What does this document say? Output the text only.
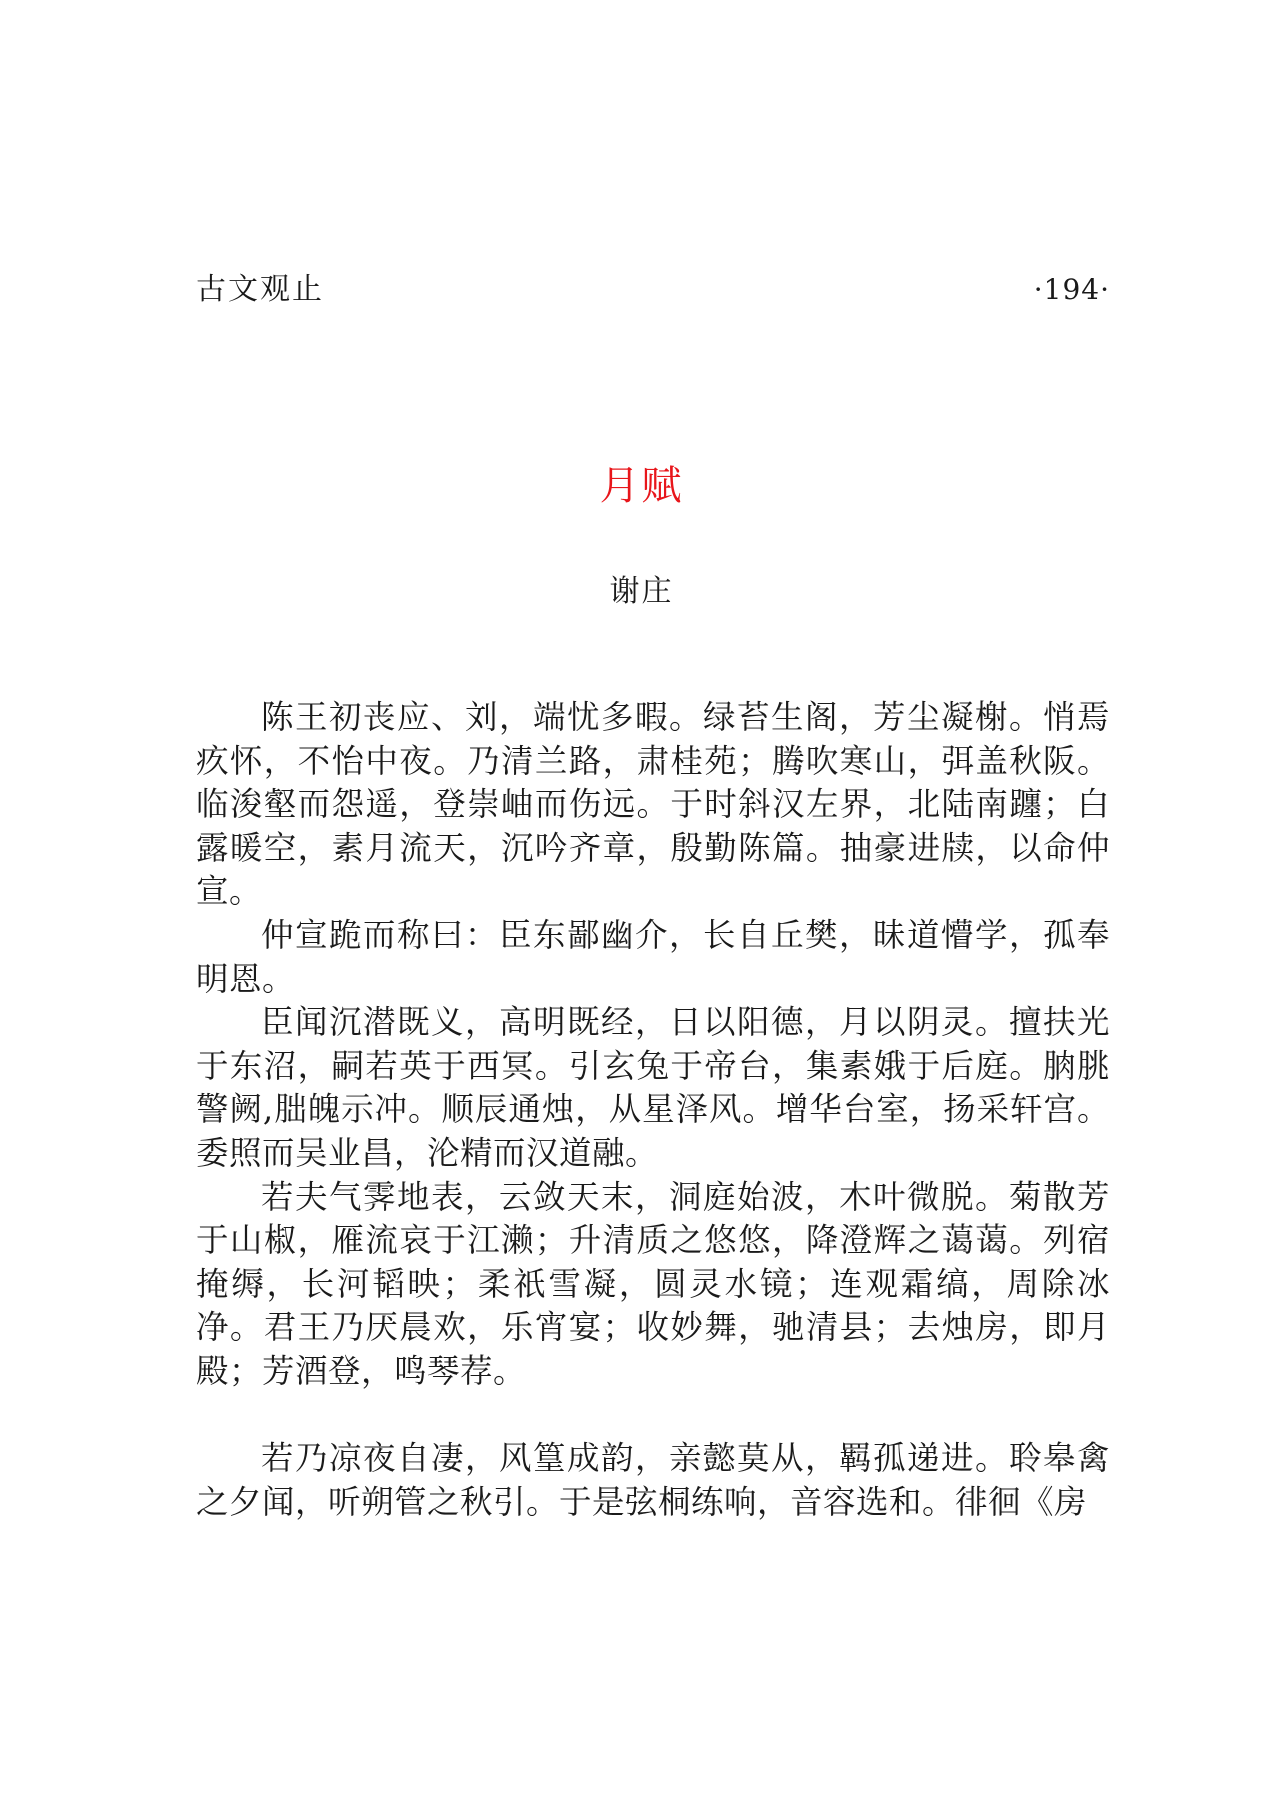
古文观止	·194·
月赋
谢庄

陈王初丧应、刘，端忧多暇。绿苔生阁，芳尘凝榭。悄焉疚怀，不怡中夜。乃清兰路，肃桂苑；腾吹寒山，弭盖秋阪。临浚壑而怨遥，登崇岫而伤远。于时斜汉左界，北陆南躔；白露暖空，素月流天，沉吟齐章，殷勤陈篇。抽豪进牍，以命仲宣。

仲宣跪而称曰：臣东鄙幽介，长自丘樊，昧道懵学，孤奉明恩。

臣闻沉潜既义，高明既经，日以阳德，月以阴灵。擅扶光于东沼，嗣若英于西冥。引玄兔于帝台，集素娥于后庭。朒朓警阙,朏魄示冲。顺辰通烛，从星泽风。增华台室，扬采轩宫。委照而吴业昌，沦精而汉道融。

若夫气霁地表，云敛天末，洞庭始波，木叶微脱。菊散芳于山椒，雁流哀于江濑；升清质之悠悠，降澄辉之蔼蔼。列宿掩缛，长河韬映；柔祇雪凝，圆灵水镜；连观霜缟，周除冰净。君王乃厌晨欢，乐宵宴；收妙舞，驰清县；去烛房，即月殿；芳酒登，鸣琴荐。

若乃凉夜自凄，风篁成韵，亲懿莫从，羁孤递进。聆皋禽之夕闻，听朔管之秋引。于是弦桐练响，音容选和。徘徊《房
